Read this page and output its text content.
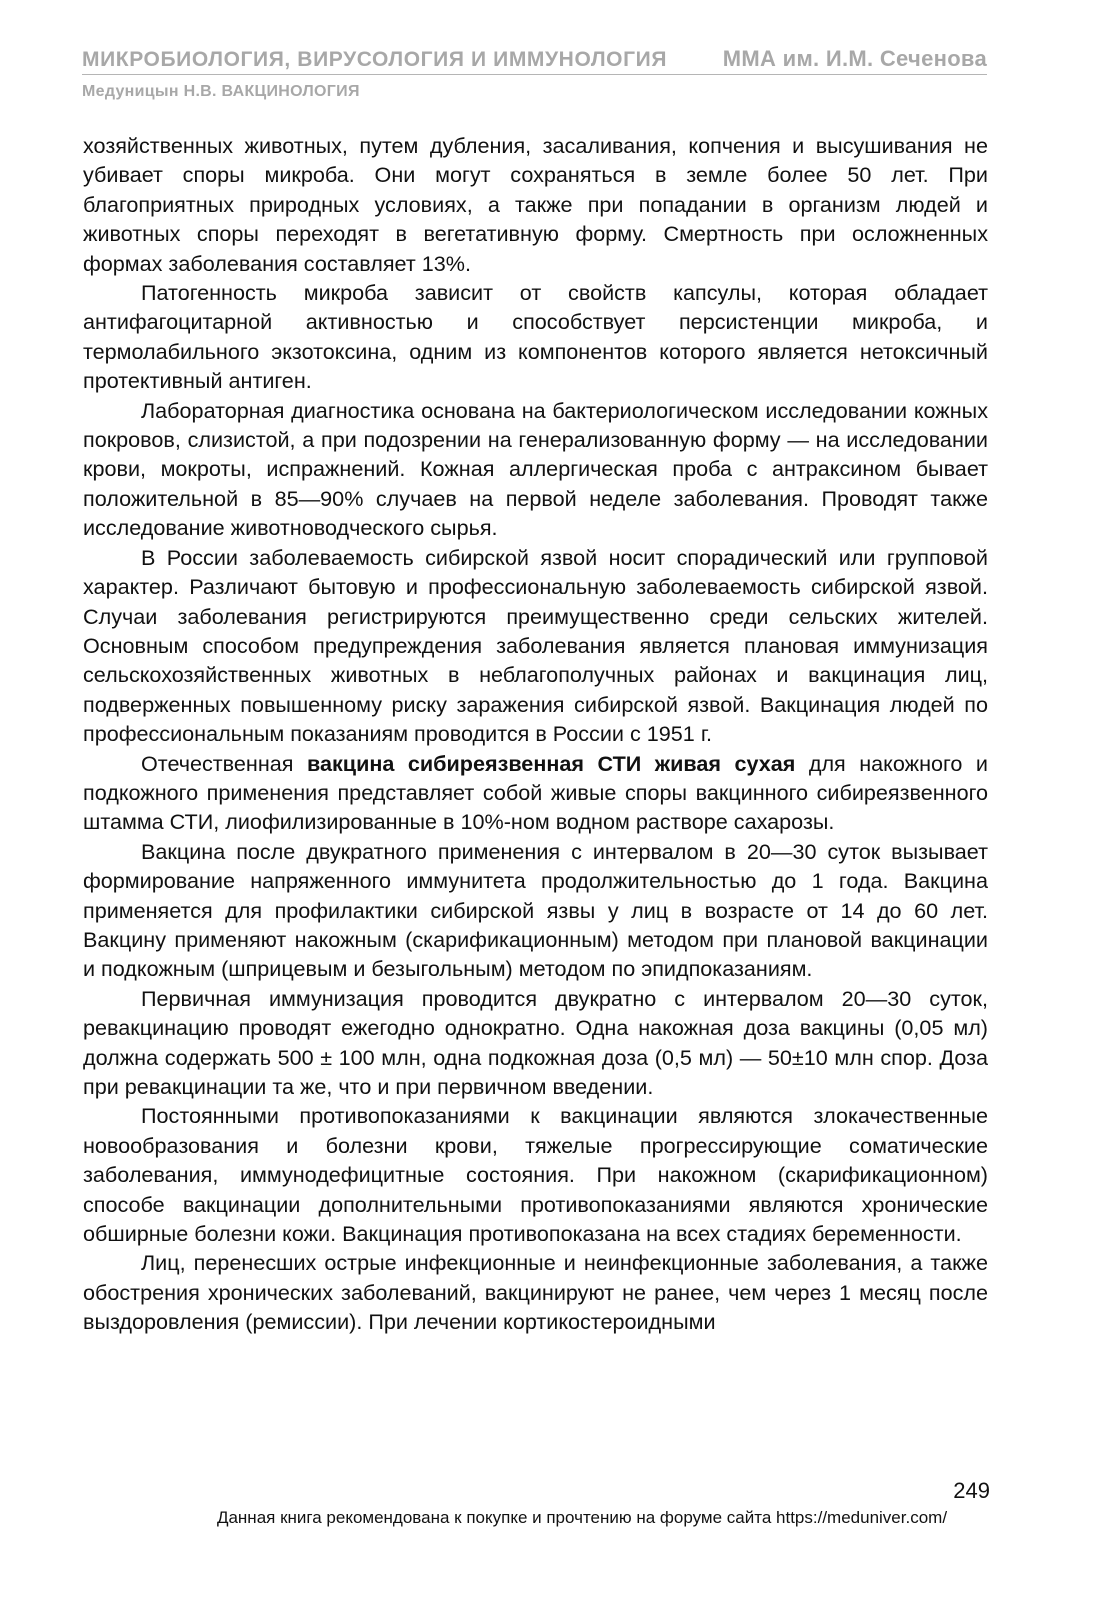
МИКРОБИОЛОГИЯ, ВИРУСОЛОГИЯ И ИММУНОЛОГИЯ	ММА им. И.М. Сеченова
Медуницын Н.В. ВАКЦИНОЛОГИЯ

хозяйственных животных, путем дубления, засаливания, копчения и высушивания не убивает споры микроба. Они могут сохраняться в земле более 50 лет. При благоприятных природных условиях, а также при попадании в организм людей и животных споры переходят в вегетативную форму. Смертность при осложненных формах заболевания составляет 13%.

Патогенность микроба зависит от свойств капсулы, которая обладает антифагоцитарной активностью и способствует персистенции микроба, и термолабильного экзотоксина, одним из компонентов которого является нетоксичный протективный антиген.

Лабораторная диагностика основана на бактериологическом исследовании кожных покровов, слизистой, а при подозрении на генерализованную форму — на исследовании крови, мокроты, испражнений. Кожная аллергическая проба с антраксином бывает положительной в 85—90% случаев на первой неделе заболевания. Проводят также исследование животноводческого сырья.

В России заболеваемость сибирской язвой носит спорадический или групповой характер. Различают бытовую и профессиональную заболеваемость сибирской язвой. Случаи заболевания регистрируются преимущественно среди сельских жителей. Основным способом предупреждения заболевания является плановая иммунизация сельскохозяйственных животных в неблагополучных районах и вакцинация лиц, подверженных повышенному риску заражения сибирской язвой. Вакцинация людей по профессиональным показаниям проводится в России с 1951 г.

Отечественная вакцина сибиреязвенная СТИ живая сухая для накожного и подкожного применения представляет собой живые споры вакцинного сибиреязвенного штамма СТИ, лиофилизированные в 10%-ном водном растворе сахарозы.

Вакцина после двукратного применения с интервалом в 20—30 суток вызывает формирование напряженного иммунитета продолжительностью до 1 года. Вакцина применяется для профилактики сибирской язвы у лиц в возрасте от 14 до 60 лет. Вакцину применяют накожным (скарификационным) методом при плановой вакцинации и подкожным (шприцевым и безыгольным) методом по эпидпоказаниям.

Первичная иммунизация проводится двукратно с интервалом 20—30 суток, ревакцинацию проводят ежегодно однократно. Одна накожная доза вакцины (0,05 мл) должна содержать 500 ± 100 млн, одна подкожная доза (0,5 мл) — 50±10 млн спор. Доза при ревакцинации та же, что и при первичном введении.

Постоянными противопоказаниями к вакцинации являются злокачественные новообразования и болезни крови, тяжелые прогрессирующие соматические заболевания, иммунодефицитные состояния. При накожном (скарификационном) способе вакцинации дополнительными противопоказаниями являются хронические обширные болезни кожи. Вакцинация противопоказана на всех стадиях беременности.

Лиц, перенесших острые инфекционные и неинфекционные заболевания, а также обострения хронических заболеваний, вакцинируют не ранее, чем через 1 месяц после выздоровления (ремиссии). При лечении кортикостероидными

249
Данная книга рекомендована к покупке и прочтению на форуме сайта https://meduniver.com/
